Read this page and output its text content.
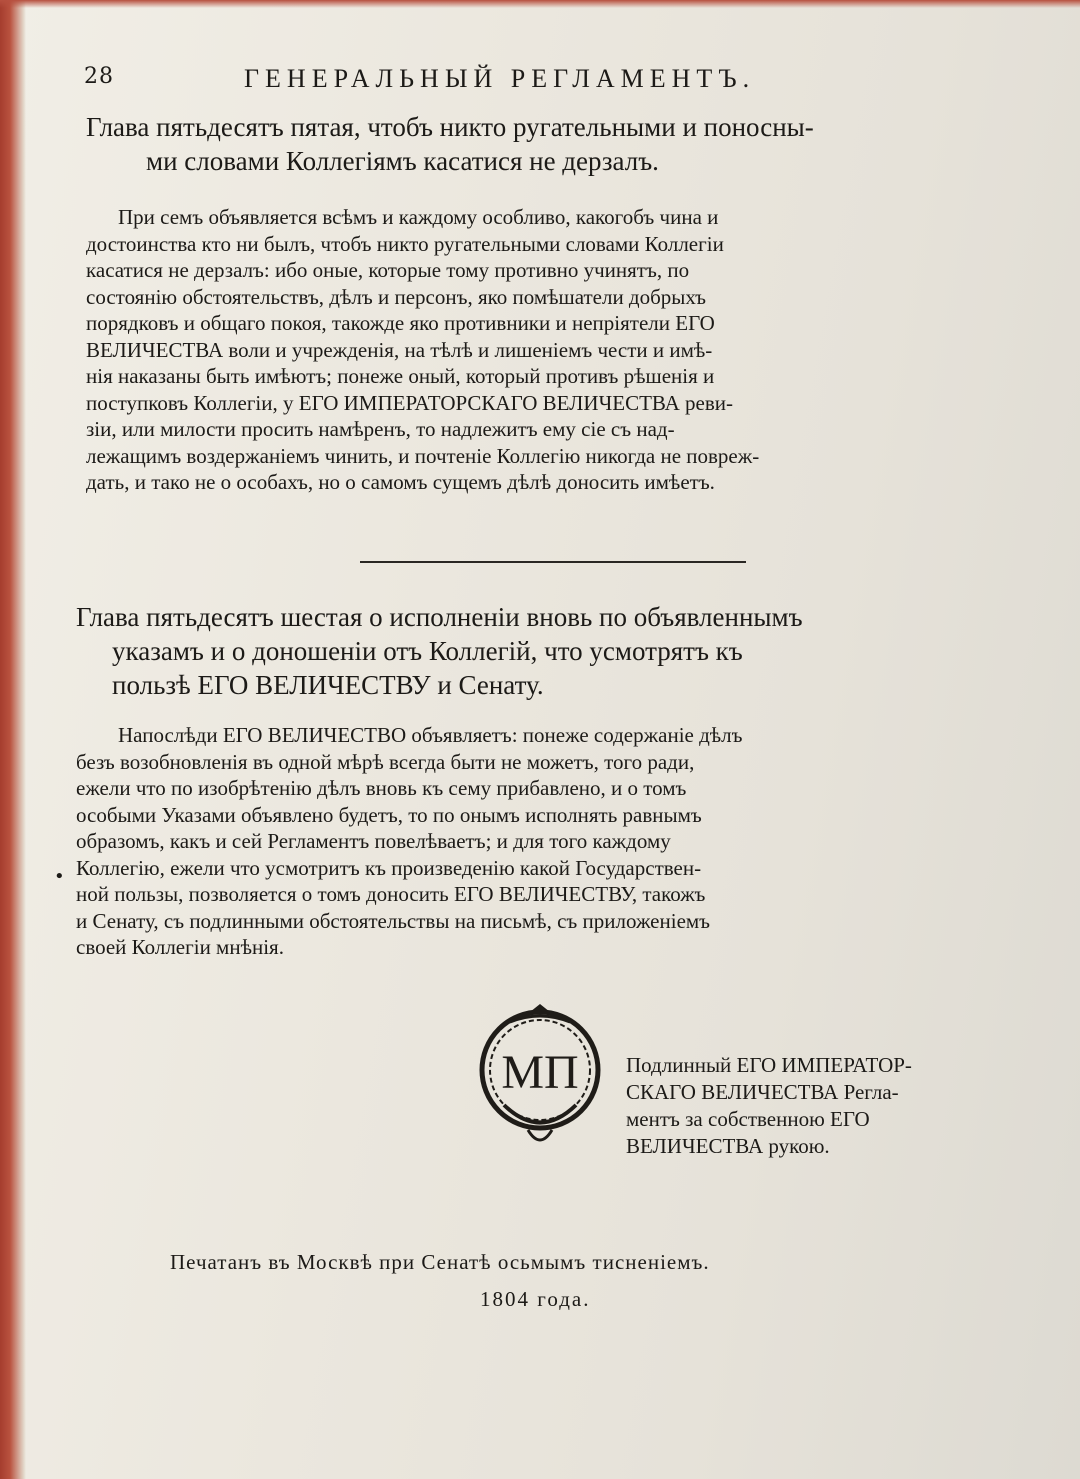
28	ГЕНЕРАЛЬНЫЙ РЕГЛАМЕНТЪ.
Глава пятьдесятъ пятая, чтобъ никто ругательными и поносны-
ми словами Коллегiямъ касатися не дерзалъ.
При семъ объявляется всѣмъ и каждому особливо, какогобъ чина и
достоинства кто ни былъ, чтобъ никто ругательными словами Коллегiи
касатися не дерзалъ: ибо оные, которые тому противно учинятъ, по
состоянiю обстоятельствъ, дѣлъ и персонъ, яко помѣшатели добрыхъ
порядковъ и общаго покоя, такожде яко противники и непрiятели ЕГО
ВЕЛИЧЕСТВА воли и учрежденiя, на тѣлѣ и лишенiемъ чести и имѣ-
нiя наказаны быть имѣютъ; понеже оный, который противъ рѣшенiя и
поступковъ Коллегiи, у ЕГО ИМПЕРАТОРСКАГО ВЕЛИЧЕСТВА реви-
зiи, или милости просить намѣренъ, то надлежитъ ему сiе съ над-
лежащимъ воздержанiемъ чинить, и почтенiе Коллегiю никогда не повреж-
дать, и тако не о особахъ, но о самомъ сущемъ дѣлѣ доносить имѣетъ.
Глава пятьдесятъ шестая о исполненiи вновь по объявленнымъ
указамъ и о доношенiи отъ Коллегiй, что усмотрятъ къ
пользѣ ЕГО ВЕЛИЧЕСТВУ и Сенату.
Напослѣди ЕГО ВЕЛИЧЕСТВО объявляетъ: понеже содержанiе дѣлъ
безъ возобновленiя въ одной мѣрѣ всегда быти не можетъ, того ради,
ежели что по изобрѣтенiю дѣлъ вновь къ сему прибавлено, и о томъ
особыми Указами объявлено будетъ, то по онымъ исполнять равнымъ
образомъ, какъ и сей Регламентъ повелѣваетъ; и для того каждому
Коллегiю, ежели что усмотритъ къ произведенiю какой Государствен-
ной пользы, позволяется о томъ доносить ЕГО ВЕЛИЧЕСТВУ, такожъ
и Сенату, съ подлинными обстоятельствы на письмѣ, съ приложенiемъ
своей Коллегiи мнѣнiя.
•
МП Подлинный ЕГО ИМПЕРАТОР-
СКАГО ВЕЛИЧЕСТВА Регла-
ментъ за собственною ЕГО
ВЕЛИЧЕСТВА рукою.
Печатанъ въ Москвѣ при Сенатѣ осьмымъ тисненiемъ.
1804 года.
